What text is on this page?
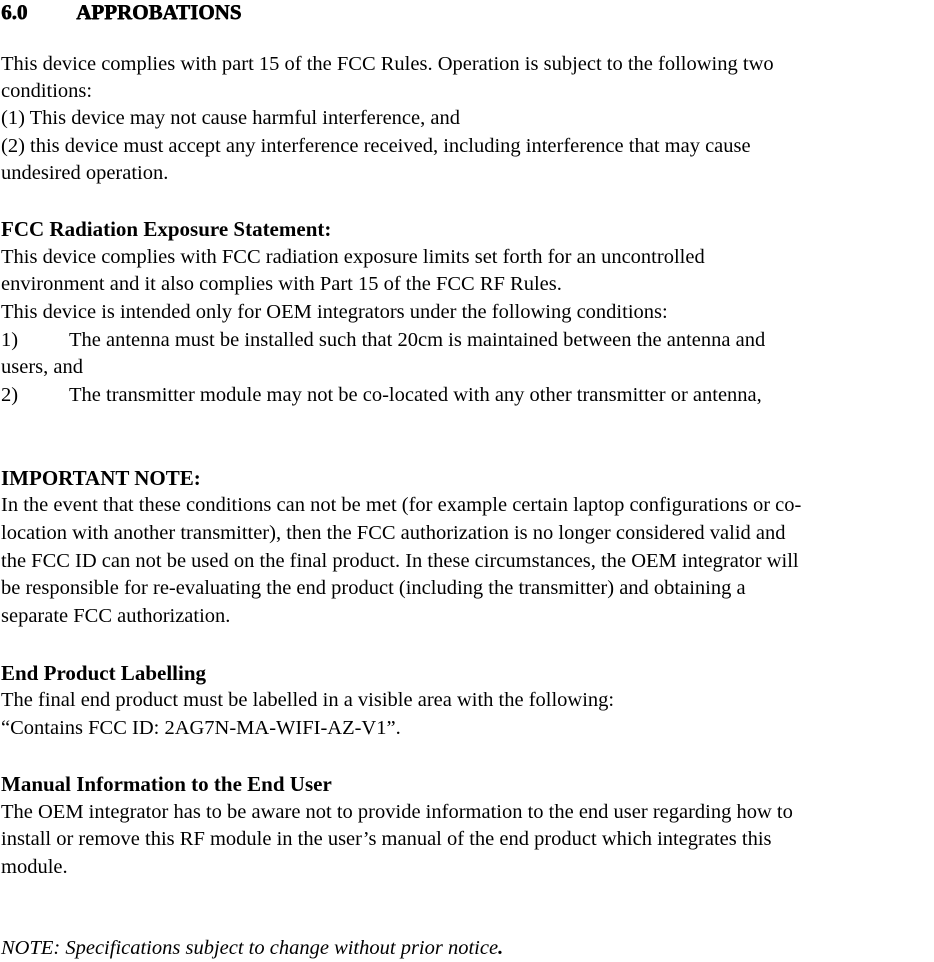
6.0 APPROBATIONS
This device complies with part 15 of the FCC Rules. Operation is subject to the following two
conditions:
(1) This device may not cause harmful interference, and
(2) this device must accept any interference received, including interference that may cause
undesired operation.
FCC Radiation Exposure Statement:
This device complies with FCC radiation exposure limits set forth for an uncontrolled
environment and it also complies with Part 15 of the FCC RF Rules.
This device is intended only for OEM integrators under the following conditions:
1) The antenna must be installed such that 20cm is maintained between the antenna and
users, and
2) The transmitter module may not be co-located with any other transmitter or antenna,
IMPORTANT NOTE:
In the event that these conditions can not be met (for example certain laptop configurations or co-
location with another transmitter), then the FCC authorization is no longer considered valid and
the FCC ID can not be used on the final product. In these circumstances, the OEM integrator will
be responsible for re-evaluating the end product (including the transmitter) and obtaining a
separate FCC authorization.
End Product Labelling
The final end product must be labelled in a visible area with the following:
“Contains FCC ID: 2AG7N-MA-WIFI-AZ-V1”.
Manual Information to the End User
The OEM integrator has to be aware not to provide information to the end user regarding how to
install or remove this RF module in the user’s manual of the end product which integrates this
module.
NOTE: Specifications subject to change without prior notice.
